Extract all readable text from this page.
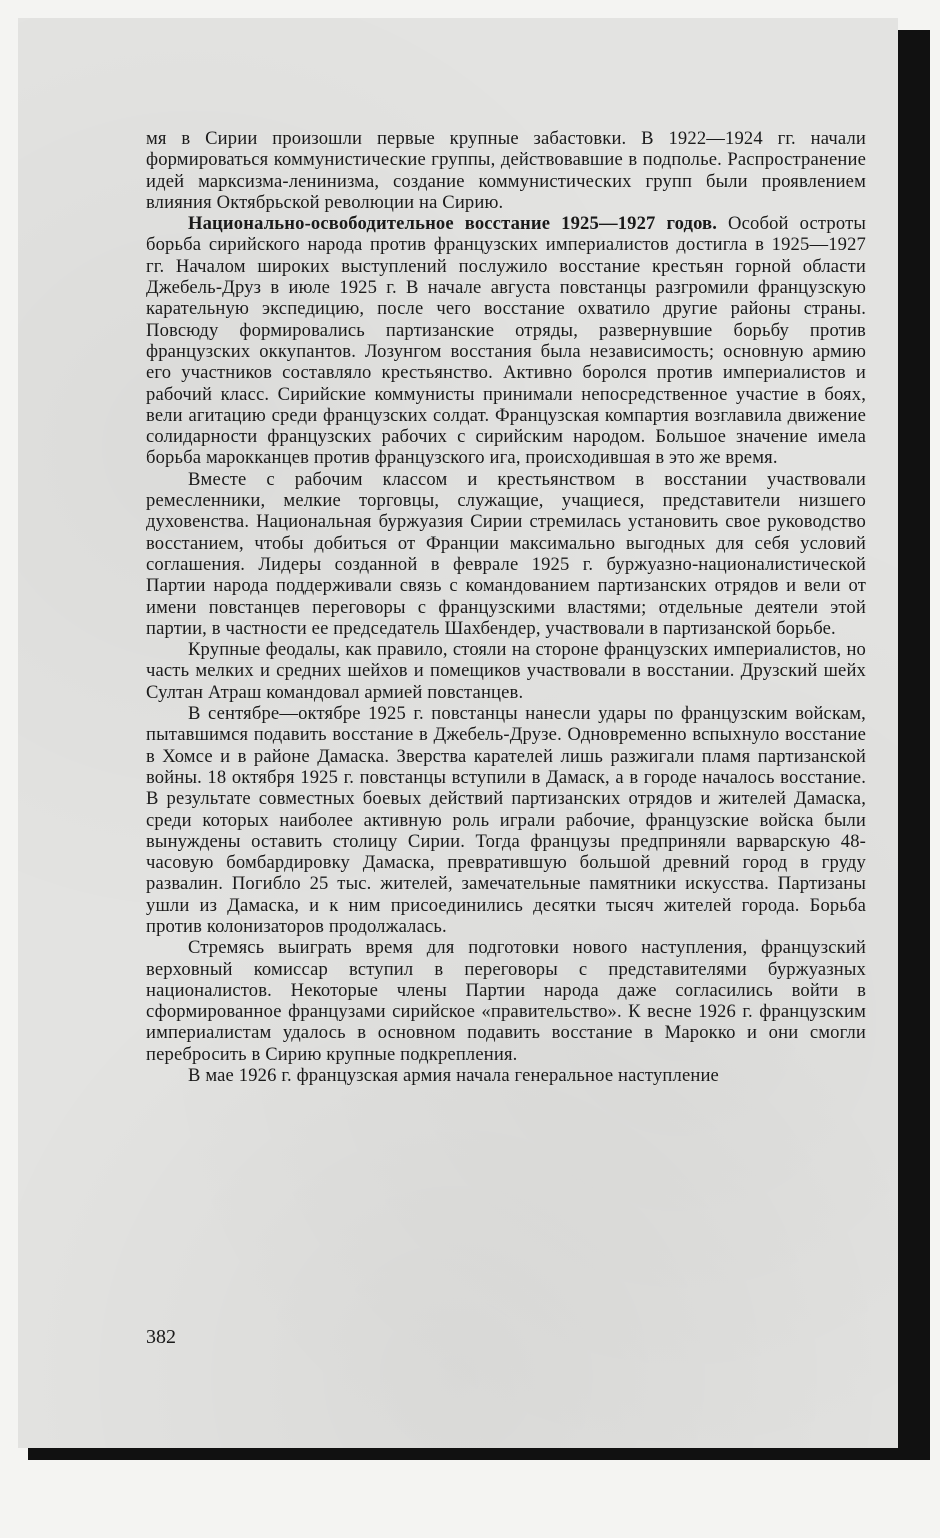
мя в Сирии произошли первые крупные забастовки. В 1922—1924 гг. начали формироваться коммунистические группы, действовавшие в подполье. Распространение идей марксизма-ленинизма, создание коммунистических групп были проявлением влияния Октябрьской революции на Сирию.

Национально-освободительное восстание 1925—1927 годов. Особой остроты борьба сирийского народа против французских империалистов достигла в 1925—1927 гг. Началом широких выступлений послужило восстание крестьян горной области Джебель-Друз в июле 1925 г. В начале августа повстанцы разгромили французскую карательную экспедицию, после чего восстание охватило другие районы страны. Повсюду формировались партизанские отряды, развернувшие борьбу против французских оккупантов. Лозунгом восстания была независимость; основную армию его участников составляло крестьянство. Активно боролся против империалистов и рабочий класс. Сирийские коммунисты принимали непосредственное участие в боях, вели агитацию среди французских солдат. Французская компартия возглавила движение солидарности французских рабочих с сирийским народом. Большое значение имела борьба марокканцев против французского ига, происходившая в это же время.

Вместе с рабочим классом и крестьянством в восстании участвовали ремесленники, мелкие торговцы, служащие, учащиеся, представители низшего духовенства. Национальная буржуазия Сирии стремилась установить свое руководство восстанием, чтобы добиться от Франции максимально выгодных для себя условий соглашения. Лидеры созданной в феврале 1925 г. буржуазно-националистической Партии народа поддерживали связь с командованием партизанских отрядов и вели от имени повстанцев переговоры с французскими властями; отдельные деятели этой партии, в частности ее председатель Шахбендер, участвовали в партизанской борьбе.

Крупные феодалы, как правило, стояли на стороне французских империалистов, но часть мелких и средних шейхов и помещиков участвовали в восстании. Друзский шейх Султан Атраш командовал армией повстанцев.

В сентябре—октябре 1925 г. повстанцы нанесли удары по французским войскам, пытавшимся подавить восстание в Джебель-Друзе. Одновременно вспыхнуло восстание в Хомсе и в районе Дамаска. Зверства карателей лишь разжигали пламя партизанской войны. 18 октября 1925 г. повстанцы вступили в Дамаск, а в городе началось восстание. В результате совместных боевых действий партизанских отрядов и жителей Дамаска, среди которых наиболее активную роль играли рабочие, французские войска были вынуждены оставить столицу Сирии. Тогда французы предприняли варварскую 48-часовую бомбардировку Дамаска, превратившую большой древний город в груду развалин. Погибло 25 тыс. жителей, замечательные памятники искусства. Партизаны ушли из Дамаска, и к ним присоединились десятки тысяч жителей города. Борьба против колонизаторов продолжалась.

Стремясь выиграть время для подготовки нового наступления, французский верховный комиссар вступил в переговоры с представителями буржуазных националистов. Некоторые члены Партии народа даже согласились войти в сформированное французами сирийское «правительство». К весне 1926 г. французским империалистам удалось в основном подавить восстание в Марокко и они смогли перебросить в Сирию крупные подкрепления.

В мае 1926 г. французская армия начала генеральное наступление

382
